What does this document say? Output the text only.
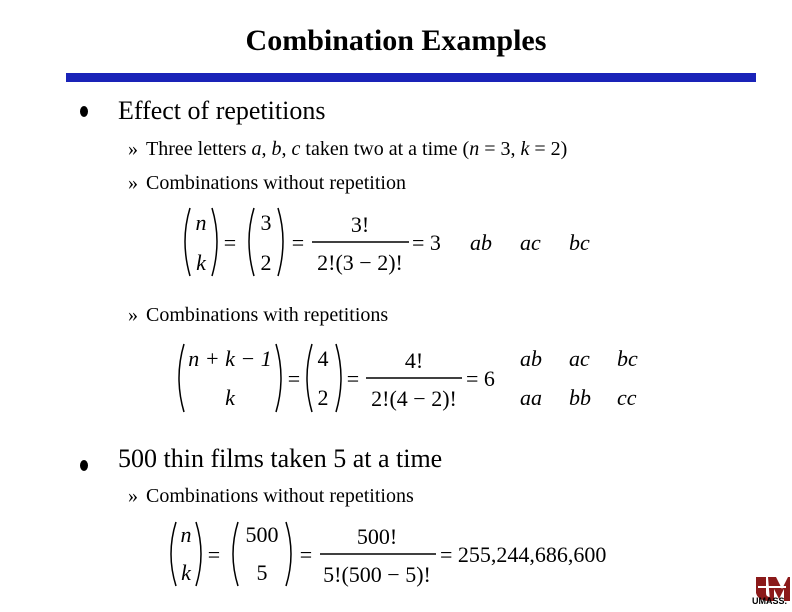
Combination Examples
Effect of repetitions
» Three letters a, b, c taken two at a time (n = 3, k = 2)
» Combinations without repetition
n
k
=
3
2
=
3!
2!(3 − 2)!
= 3 ab ac bc
» Combinations with repetitions
n + k − 1
k
=
4
2
=
4!
2!(4 − 2)!
= 6
ab ac bc
aa bb cc
500 thin films taken 5 at a time
» Combinations without repetitions
n
k
=
500
5
=
500!
5!(500 − 5)!
= 255,244,686,600
UMASS.
